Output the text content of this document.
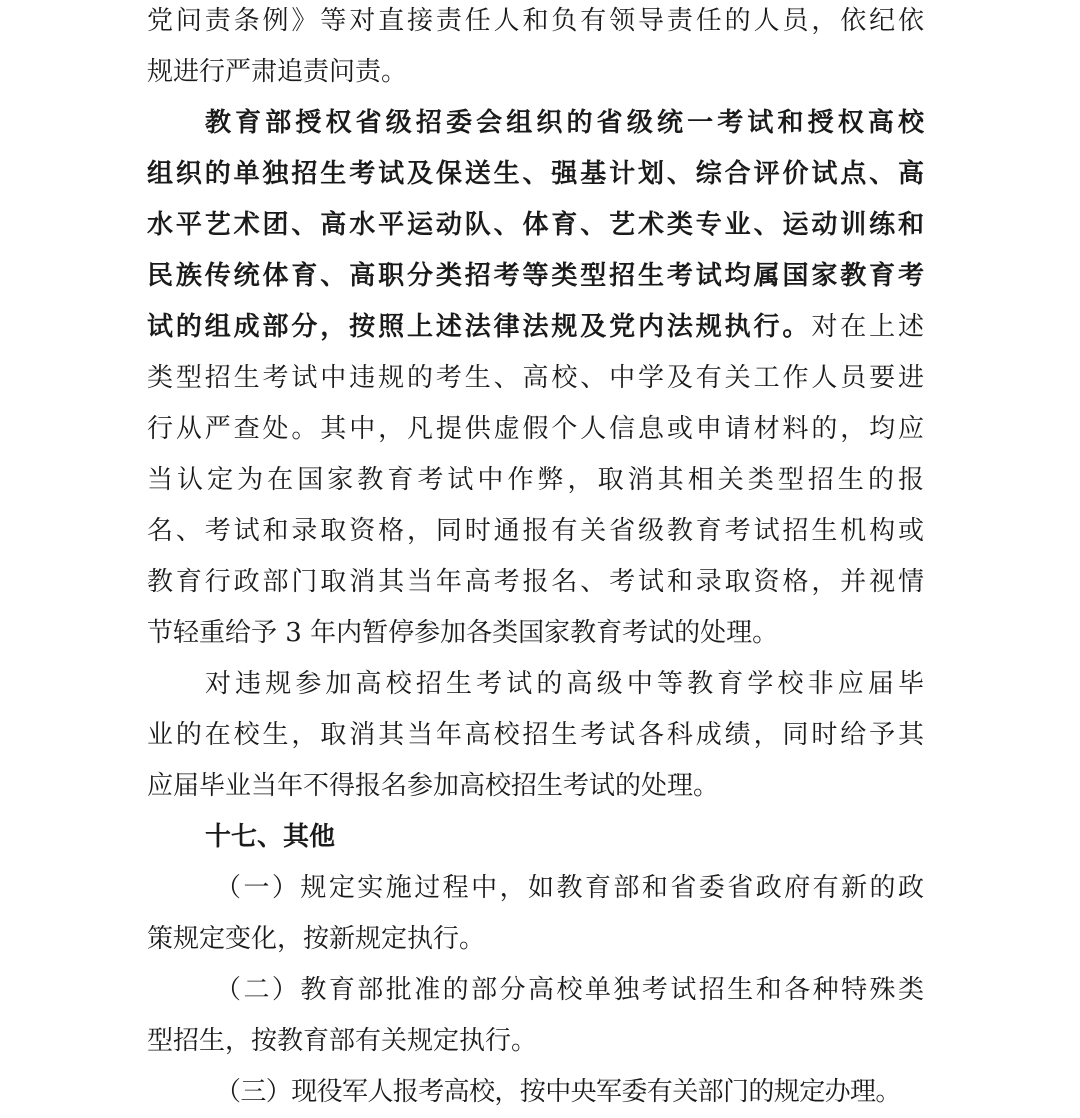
党问责条例》等对直接责任人和负有领导责任的人员，依纪依
规进行严肃追责问责。
教育部授权省级招委会组织的省级统一考试和授权高校
组织的单独招生考试及保送生、强基计划、综合评价试点、高
水平艺术团、高水平运动队、体育、艺术类专业、运动训练和
民族传统体育、高职分类招考等类型招生考试均属国家教育考
试的组成部分，按照上述法律法规及党内法规执行。对在上述
类型招生考试中违规的考生、高校、中学及有关工作人员要进
行从严查处。其中，凡提供虚假个人信息或申请材料的，均应
当认定为在国家教育考试中作弊，取消其相关类型招生的报
名、考试和录取资格，同时通报有关省级教育考试招生机构或
教育行政部门取消其当年高考报名、考试和录取资格，并视情
节轻重给予 3 年内暂停参加各类国家教育考试的处理。
对违规参加高校招生考试的高级中等教育学校非应届毕
业的在校生，取消其当年高校招生考试各科成绩，同时给予其
应届毕业当年不得报名参加高校招生考试的处理。
十七、其他
（一）规定实施过程中，如教育部和省委省政府有新的政
策规定变化，按新规定执行。
（二）教育部批准的部分高校单独考试招生和各种特殊类
型招生，按教育部有关规定执行。
（三）现役军人报考高校，按中央军委有关部门的规定办理。
